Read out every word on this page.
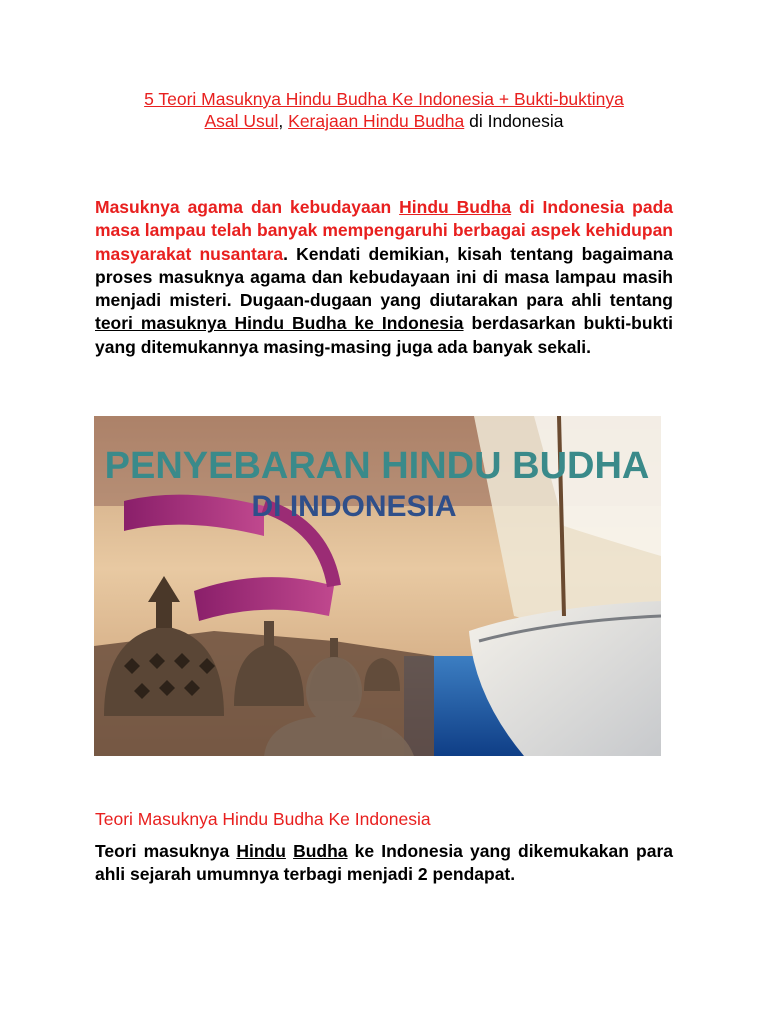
5 Teori Masuknya Hindu Budha Ke Indonesia + Bukti-buktinya
Asal Usul, Kerajaan Hindu Budha di Indonesia
Masuknya agama dan kebudayaan Hindu Budha di Indonesia pada masa lampau telah banyak mempengaruhi berbagai aspek kehidupan masyarakat nusantara. Kendati demikian, kisah tentang bagaimana proses masuknya agama dan kebudayaan ini di masa lampau masih menjadi misteri. Dugaan-dugaan yang diutarakan para ahli tentang teori masuknya Hindu Budha ke Indonesia berdasarkan bukti-bukti yang ditemukannya masing-masing juga ada banyak sekali.
PENYEBARAN HINDU BUDHA
DI INDONESIA
Teori Masuknya Hindu Budha Ke Indonesia
Teori masuknya Hindu Budha ke Indonesia yang dikemukakan para ahli sejarah umumnya terbagi menjadi 2 pendapat.
